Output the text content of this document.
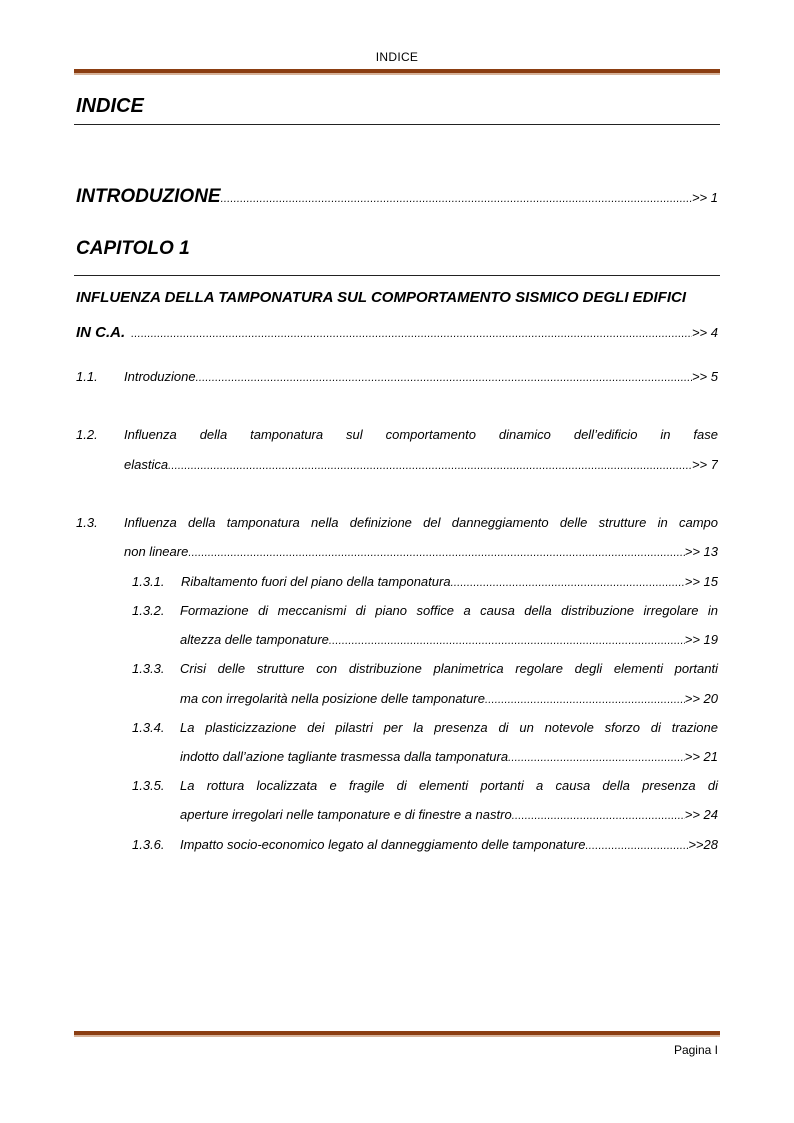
INDICE
INDICE
INTRODUZIONE .....	>> 1
CAPITOLO 1
INFLUENZA DELLA TAMPONATURA SUL COMPORTAMENTO SISMICO DEGLI EDIFICI
IN C.A. .....	>> 4
1.1. Introduzione .....	>> 5
1.2. Influenza della tamponatura sul comportamento dinamico dell’edificio in fase
elastica .....	>> 7
1.3. Influenza della tamponatura nella definizione del danneggiamento delle strutture in campo
non lineare .....	>> 13
1.3.1. Ribaltamento fuori del piano della tamponatura .....	>> 15
1.3.2. Formazione di meccanismi di piano soffice a causa della distribuzione irregolare in
altezza delle tamponature .....	>> 19
1.3.3. Crisi delle strutture con distribuzione planimetrica regolare degli elementi portanti
ma con irregolarità nella posizione delle tamponature .....	>> 20
1.3.4. La plasticizzazione dei pilastri per la presenza di un notevole sforzo di trazione
indotto dall’azione tagliante trasmessa dalla tamponatura .....	>> 21
1.3.5. La rottura localizzata e fragile di elementi portanti a causa della presenza di
aperture irregolari nelle tamponature e di finestre a nastro .....	>> 24
1.3.6. Impatto socio-economico legato al danneggiamento delle tamponature .....	>>28
Pagina I
